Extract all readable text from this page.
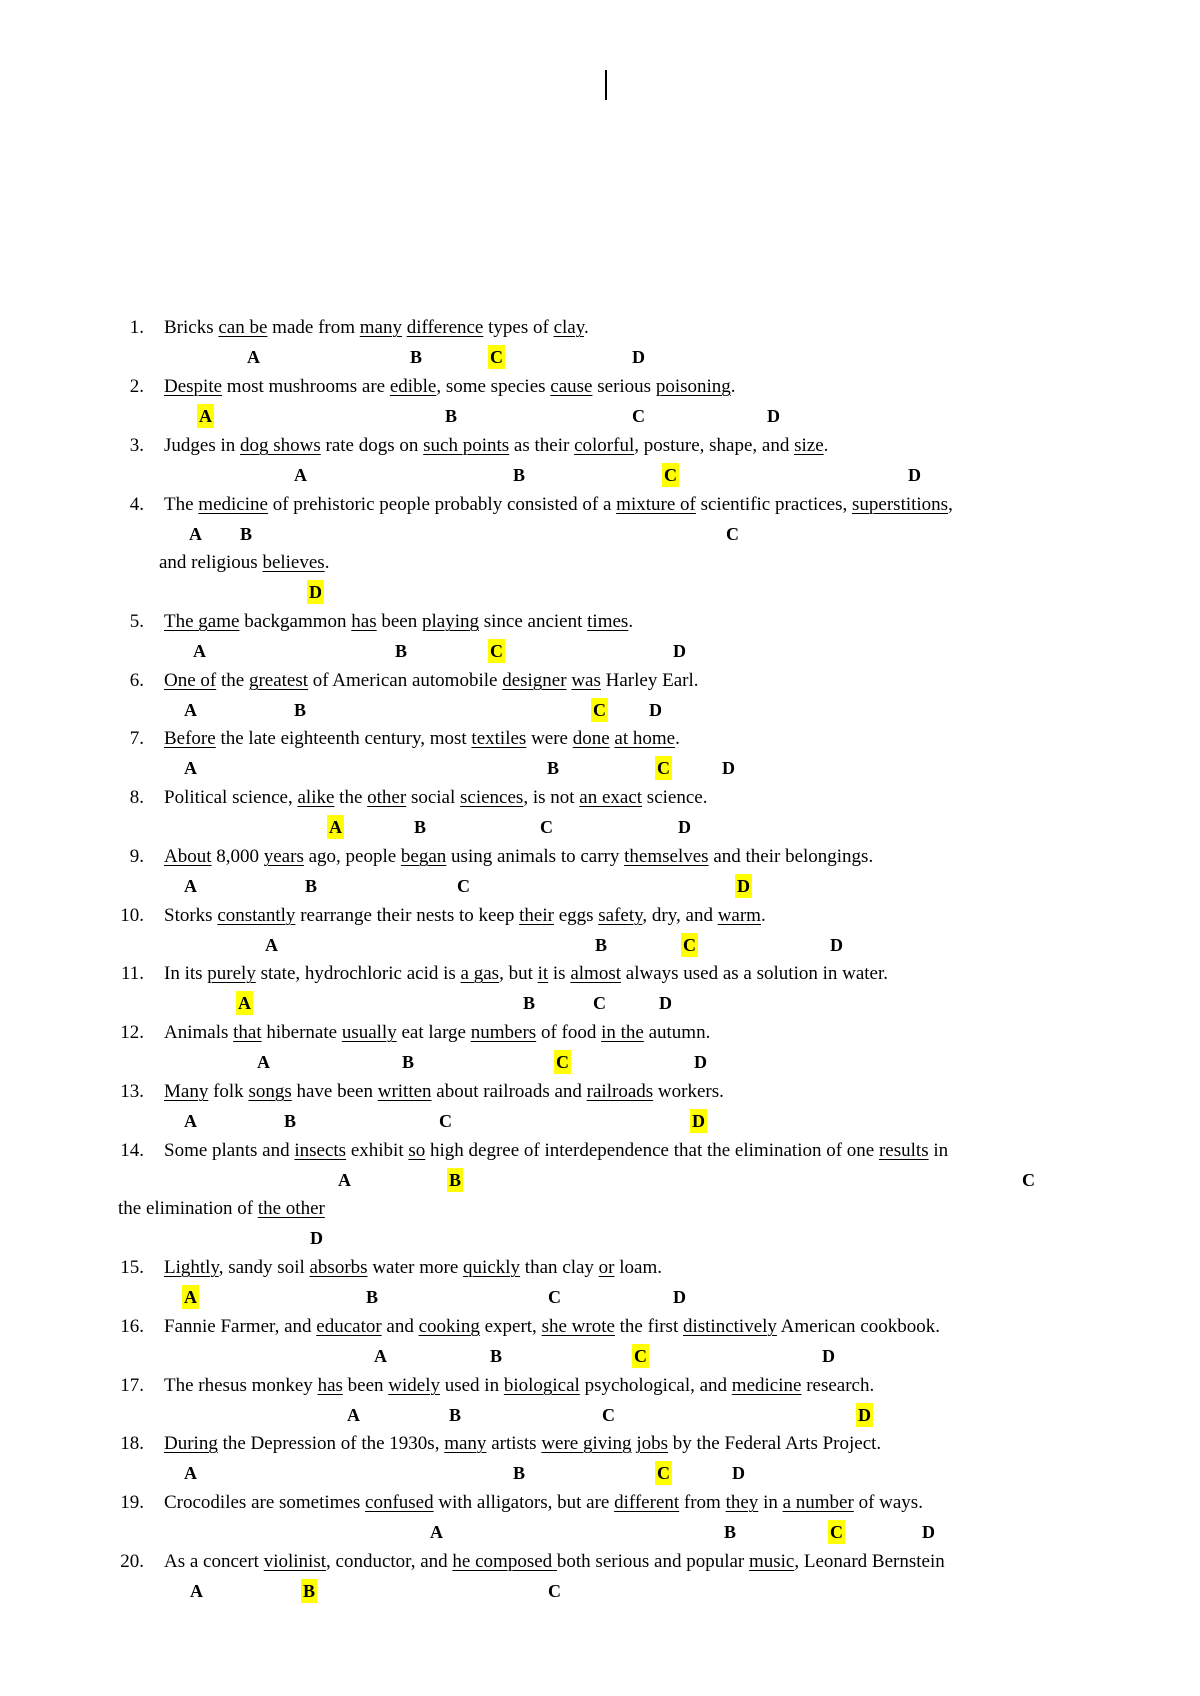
1. Bricks can be made from many difference types of clay.
A	B	C	D
2. Despite most mushrooms are edible, some species cause serious poisoning.
A	B	C	D
3. Judges in dog shows rate dogs on such points as their colorful, posture, shape, and size.
A	B	C	D
4. The medicine of prehistoric people probably consisted of a mixture of scientific practices, superstitions,
A B	C
and religious believes.
D
5. The game backgammon has been playing since ancient times.
A	B	C	D
6. One of the greatest of American automobile designer was Harley Earl.
A	B	C D
7. Before the late eighteenth century, most textiles were done at home.
A	B	C	D
8. Political science, alike the other social sciences, is not an exact science.
A	B	C	D
9. About 8,000 years ago, people began using animals to carry themselves and their belongings.
A	B	C	D
10. Storks constantly rearrange their nests to keep their eggs safety, dry, and warm.
A	B	C	D
11. In its purely state, hydrochloric acid is a gas, but it is almost always used as a solution in water.
A	B	C	D
12. Animals that hibernate usually eat large numbers of food in the autumn.
A	B	C	D
13. Many folk songs have been written about railroads and railroads workers.
A	B	C	D
14. Some plants and insects exhibit so high degree of interdependence that the elimination of one results in
A	B	C
the elimination of the other
D
15. Lightly, sandy soil absorbs water more quickly than clay or loam.
A	B	C	D
16. Fannie Farmer, and educator and cooking expert, she wrote the first distinctively American cookbook.
A	B	C	D
17. The rhesus monkey has been widely used in biological psychological, and medicine research.
A	B	C	D
18. During the Depression of the 1930s, many artists were giving jobs by the Federal Arts Project.
A	B	C	D
19. Crocodiles are sometimes confused with alligators, but are different from they in a number of ways.
A	B	C	D
20. As a concert violinist, conductor, and he composed both serious and popular music, Leonard Bernstein
A	B	C
